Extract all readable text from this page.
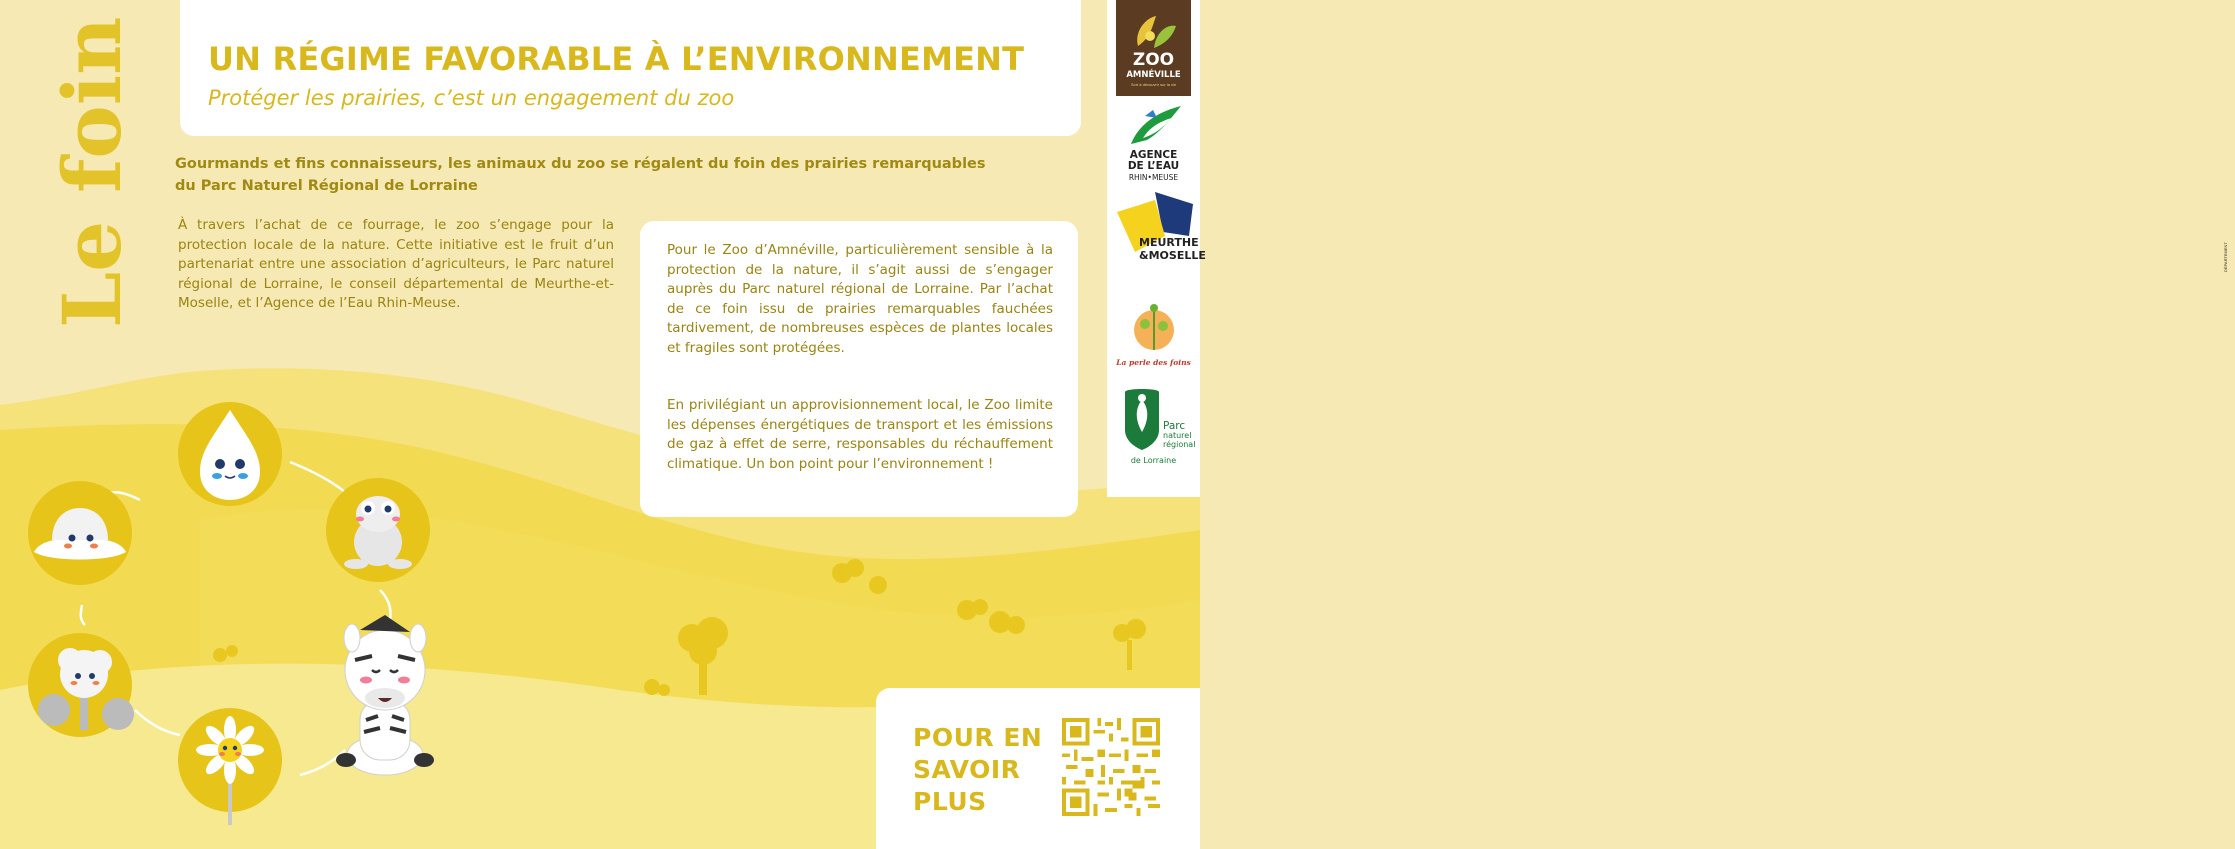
Le foin UN RÉGIME FAVORABLE À L’ENVIRONNEMENT
Protéger les prairies, c’est un engagement du zoo
Gourmands et fins connaisseurs, les animaux du zoo se régalent du foin des prairies remarquables
du Parc Naturel Régional de Lorraine
À travers l’achat de ce fourrage, le zoo s’engage pour la protection locale de la nature. Cette initiative est le fruit d’un partenariat entre une association d’agriculteurs, le Parc naturel régional de Lorraine, le conseil départemental de Meurthe-et-Moselle, et l’Agence de l’Eau Rhin-Meuse.

Pour le Zoo d’Amnéville, particulièrement sensible à la protection de la nature, il s’agit aussi de s’engager auprès du Parc naturel régional de Lorraine. Par l’achat de ce foin issu de prairies remarquables fauchées tardivement, de nombreuses espèces de plantes locales et fragiles sont protégées.

En privilégiant un approvisionnement local, le Zoo limite les dépenses énergétiques de transport et les émissions de gaz à effet de serre, responsables du réchauffement climatique. Un bon point pour l’environnement !

ZOO
AMNÉVILLE
Sort à découvrir sur la vie
AGENCE
DE L’EAU
RHIN•MEUSE
DÉPARTEMENT
MEURTHE
&MOSELLE
La perle des foins
Parc
naturel
régional
de Lorraine
POUR EN
SAVOIR
PLUS
